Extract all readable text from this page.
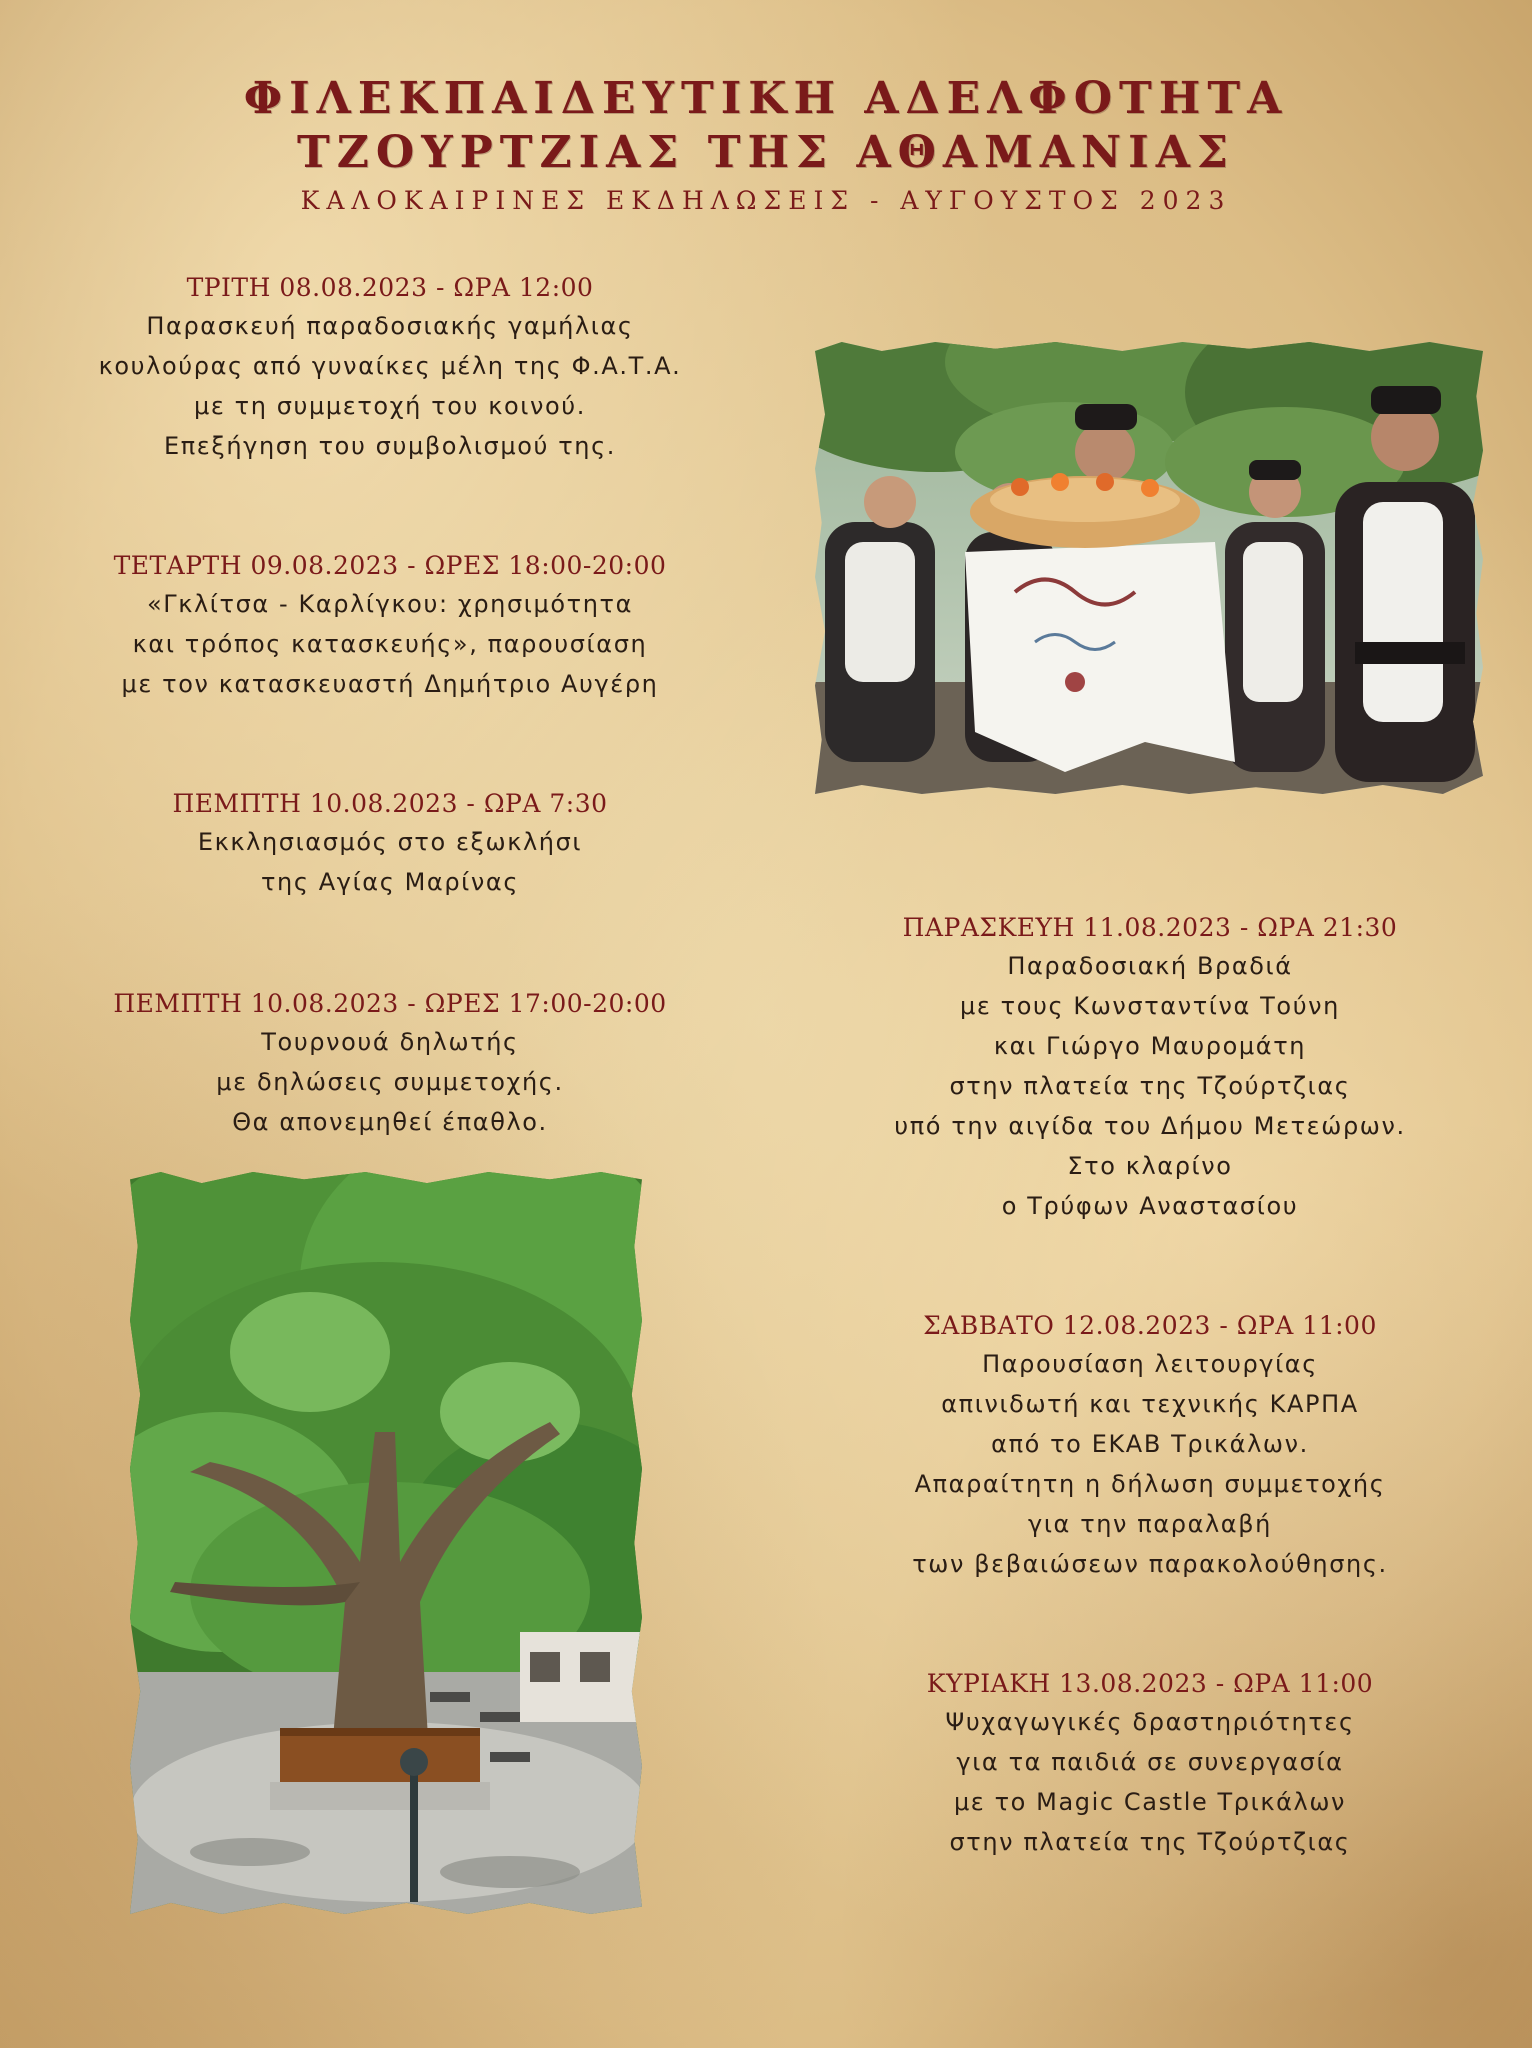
ΦΙΛΕΚΠΑΙΔΕΥΤΙΚΗ ΑΔΕΛΦΟΤΗΤΑ
ΤΖΟΥΡΤΖΙΑΣ ΤΗΣ ΑΘΑΜΑΝΙΑΣ
ΚΑΛΟΚΑΙΡΙΝΕΣ ΕΚΔΗΛΩΣΕΙΣ - ΑΥΓΟΥΣΤΟΣ 2023
ΤΡΙΤΗ 08.08.2023 - ΩΡΑ 12:00
Παρασκευή παραδοσιακής γαμήλιας
κουλούρας από γυναίκες μέλη της Φ.Α.Τ.Α.
με τη συμμετοχή του κοινού.
Επεξήγηση του συμβολισμού της.
ΤΕΤΑΡΤΗ 09.08.2023 - ΩΡΕΣ 18:00-20:00
«Γκλίτσα - Καρλίγκου: χρησιμότητα
και τρόπος κατασκευής», παρουσίαση
με τον κατασκευαστή Δημήτριο Αυγέρη
ΠΕΜΠΤΗ 10.08.2023 - ΩΡΑ 7:30
Εκκλησιασμός στο εξωκλήσι
της Αγίας Μαρίνας
ΠΕΜΠΤΗ 10.08.2023 - ΩΡΕΣ 17:00-20:00
Τουρνουά δηλωτής
με δηλώσεις συμμετοχής.
Θα απονεμηθεί έπαθλο.
ΠΑΡΑΣΚΕΥΗ 11.08.2023 - ΩΡΑ 21:30
Παραδοσιακή Βραδιά
με τους Κωνσταντίνα Τούνη
και Γιώργο Μαυρομάτη
στην πλατεία της Τζούρτζιας
υπό την αιγίδα του Δήμου Μετεώρων.
Στο κλαρίνο
ο Τρύφων Αναστασίου
ΣΑΒΒΑΤΟ 12.08.2023 - ΩΡΑ 11:00
Παρουσίαση λειτουργίας
απινιδωτή και τεχνικής ΚΑΡΠΑ
από το ΕΚΑΒ Τρικάλων.
Απαραίτητη η δήλωση συμμετοχής
για την παραλαβή
των βεβαιώσεων παρακολούθησης.
ΚΥΡΙΑΚΗ 13.08.2023 - ΩΡΑ 11:00
Ψυχαγωγικές δραστηριότητες
για τα παιδιά σε συνεργασία
με το Magic Castle Τρικάλων
στην πλατεία της Τζούρτζιας
